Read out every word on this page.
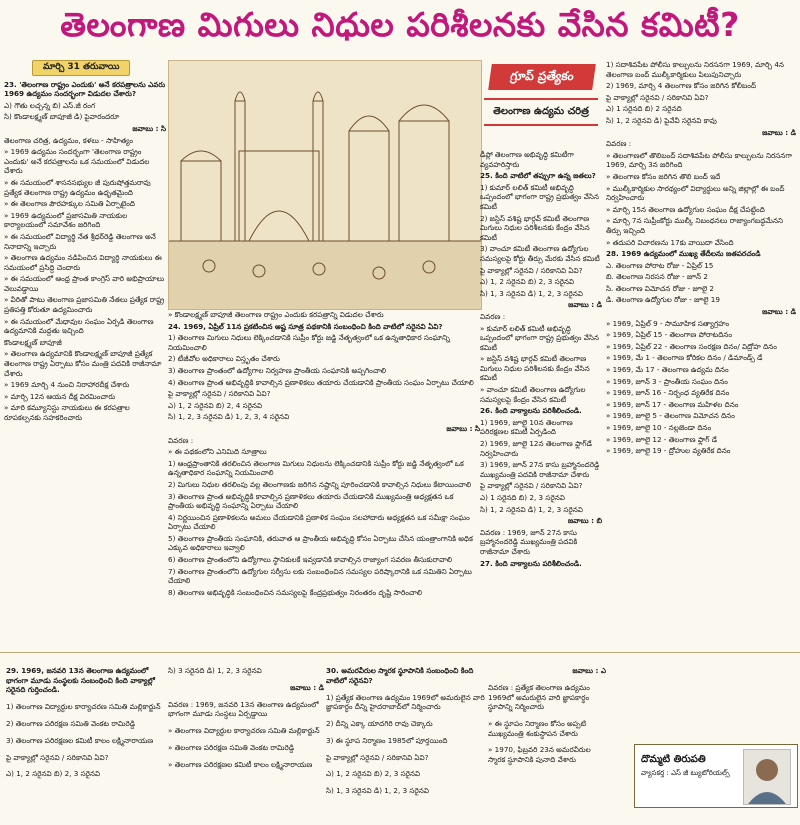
తెలంగాణ మిగులు నిధుల పరిశీలనకు వేసిన కమిటీ?
మార్చి 31 తరువాయి

23. 'తెలంగాణ రాష్ట్రం ఎందుకు' అనే కరపత్రాలను ఎవరు 1969 ఉద్యమం సందర్భంగా విడుదల చేశారు?

ఎ) గౌతు లచ్చన్న బి) ఎస్‌.జీ రంగ

సి) కొండాలక్ష్మణ్‌ బాపూజీ డి) పైవారందరూ

జవాబు : సి

తెలంగాణ చరిత్ర, ఉద్యమం, కళలు - సాహిత్యం

» 1969 ఉద్యమం సందర్భంగా 'తెలంగాణ రాష్ట్రం ఎందుకు' అనే కరపత్రాలను ఒక సమయంలో విడుదల చేశారు

» ఈ సమయంలో శాసనసభ్యుల జీ పురుషోత్తమరావు ప్రత్యేక తెలంగాణ రాష్ట్ర ఉద్యమం ఉధృతమైంది

» ఈ తెలంగాణ పౌరహక్కుల సమితి ఏర్పాటైంది

» 1969 ఉద్యమంలో ప్రజాసమితి నాయకుల కార్యాలయంలో సమావేశం జరిగింది

» ఈ సమయంలో విద్యార్థి నేత శ్రీధర్‌రెడ్డి తెలంగాణ అనే నినాదాన్ని ఇచ్చారు

» తెలంగాణ ఉద్యమం నడిపించిన విద్యార్థి నాయకులు ఈ సమయంలో ప్రసిద్ధి చెందారు

» ఈ సమయంలో ఆంధ్ర ప్రాంత కాంగ్రెస్‌ వారి అభిప్రాయాలు వెలువడ్డాయి

» వీరితో పాటు తెలంగాణ ప్రజాసమితి నేతలు ప్రత్యేక రాష్ట్ర ప్రతిపత్తి కోరుతూ ఉద్యమించారు

» ఈ సమయంలో మేధావుల సంఘం ఏర్పడి తెలంగాణ ఉద్యమానికి మద్దతు ఇచ్చింది

కొండాలక్ష్మణ్‌ బాపూజీ

» తెలంగాణ ఉద్యమానికి కొండాలక్ష్మణ్‌ బాపూజీ ప్రత్యేక తెలంగాణ రాష్ట్ర ఏర్పాటు కోసం మంత్రి పదవికి రాజీనామా చేశారు

» 1969 మార్చి 4 నుంచి నిరాహారదీక్ష చేశారు

» మార్చి 12న ఆయన దీక్ష విరమించారు

» మారి కమ్యూనిస్టు నాయకులు ఈ కరపత్రాల రూపకల్పనకు సహకరించారు

» కొండాలక్ష్మణ్‌ బాపూజీ తెలంగాణ రాష్ట్రం ఎందుకు కరపత్రాన్ని విడుదల చేశారు

24. 1969, ఏప్రిల్‌ 11న ప్రకటించిన అష్ట సూత్ర పథకానికి సంబంధించి కింది వాటిలో సరైనవి ఏవి?

1) తెలంగాణ మిగులు నిధులు లెక్కించడానికి సుప్రీం కోర్టు జడ్జి నేతృత్వంలో ఒక ఉన్నతాధికార సంఘాన్ని నియమించాలి

2) టీజీవోల అధికారాలు విస్తృతం చేశారు

3) తెలంగాణ ప్రాంతంలో ఉద్యోగాల నిర్వహణ ప్రాంతీయ సంఘానికి అప్పగించాలి

4) తెలంగాణ ప్రాంత అభివృద్ధికి కావాల్సిన ప్రణాళికలు తయారు చేయడానికి ప్రాంతీయ సంఘం ఏర్పాటు చేయాలి

పై వాక్యాల్లో సరైనవి / సరికానివి ఏవి?

ఎ) 1, 2 సరైనవి బి) 2, 4 సరైనవి

సి) 1, 2, 3 సరైనవి డి) 1, 2, 3, 4 సరైనవి

జవాబు : సి

వివరణ :

» ఈ పథకంలోని ఎనిమిది సూత్రాలు

1) ఆంధ్రప్రాంతానికి తరలించిన తెలంగాణ మిగులు నిధులను లెక్కించడానికి సుప్రీం కోర్టు జడ్జి నేతృత్వంలో ఒక ఉన్నతాధికార సంఘాన్ని నియమించాలి

2) మిగులు నిధుల తరలింపు వల్ల తెలంగాణకు జరిగిన నష్టాన్ని పూరించడానికి కావాల్సిన నిధులు కేటాయించాలి

3) తెలంగాణ ప్రాంత అభివృద్ధికి కావాల్సిన ప్రణాళికలు తయారు చేయడానికి ముఖ్యమంత్రి అధ్యక్షతన ఒక ప్రాంతీయ అభివృద్ధి సంఘాన్ని ఏర్పాటు చేయాలి

4) నిర్ణయించిన ప్రణాళికలను అమలు చేయడానికి ప్రణాళిక సంఘం సలహాదారు అధ్యక్షతన ఒక సమీక్షా సంఘం ఏర్పాటు చేయాలి

5) తెలంగాణ ప్రాంతీయ సంఘానికి, తరువాత ఆ ప్రాంతీయ అభివృద్ధి కోసం ఏర్పాటు చేసిన యంత్రాంగానికి అధిక ఎక్కువ అధికారాలు ఇవ్వాలి

6) తెలంగాణ ప్రాంతంలోని ఉద్యోగాలు స్థానికులకే ఇవ్వడానికి కావాల్సిన రాజ్యాంగ సవరణ తీసుకురావాలి

7) తెలంగాణ ప్రాంతంలోని ఉద్యోగుల సర్వీసు లకు సంబంధించిన సమస్యల పరిష్కారానికి ఒక సమితిని ఏర్పాటు చేయాలి

8) తెలంగాణ అభివృద్ధికి సంబంధించిన సమస్యలపై కేంద్రప్రభుత్వం నిరంతరం దృష్టి సారించాలి

గ్రూప్‌ ప్రత్యేకం
తెలంగాణ ఉద్యమ చరిత్ర

డీప్లో తెలంగాణ అభివృద్ధి కమిటీగా వ్యవహరిస్తారు

25. కింది వాటిలో తప్పుగా ఉన్న జతలు?

1) కుమార్‌ లలిత్‌ కమిటీ అభివృద్ధి ఒప్పందంలో భాగంగా రాష్ట్ర ప్రభుత్వం వేసిన కమిటీ

2) జస్టిస్‌ వశిష్ట భార్గవ్‌ కమిటీ తెలంగాణ మిగులు నిధుల పరిశీలనకు కేంద్రం వేసిన కమిటీ

3) వాంచూ కమిటీ తెలంగాణ ఉద్యోగుల సమస్యలపై కోర్టు తీర్పు మేరకు వేసిన కమిటీ

పై వాక్యాల్లో సరైనవి / సరికానివి ఏవి?

ఎ) 1, 2 సరైనవి బి) 2, 3 సరైనవి

సి) 1, 3 సరైనవి డి) 1, 2, 3 సరైనవి

జవాబు : డి

వివరణ :

» కుమార్‌ లలిత్‌ కమిటీ అభివృద్ధి ఒప్పందంలో భాగంగా రాష్ట్ర ప్రభుత్వం వేసిన కమిటీ

» జస్టిస్‌ వశిష్ట భార్గవ్‌ కమిటీ తెలంగాణ మిగులు నిధుల పరిశీలనకు కేంద్రం వేసిన కమిటీ

» వాంచూ కమిటీ తెలంగాణ ఉద్యోగుల సమస్యలపై కేంద్రం వేసిన కమిటీ

26. కింది వాక్యాలను పరిశీలించండి.

1) 1969, జూలై 10న తెలంగాణ పరిరక్షణల కమిటీ ఏర్పడింది

2) 1969, జూలై 12న తెలంగాణ ఫ్లాగ్‌డే నిర్వహించారు

3) 1969, జూన్‌ 27న కాసు బ్రహ్మానందరెడ్డి ముఖ్యమంత్రి పదవికి రాజీనామా చేశారు

పై వాక్యాల్లో సరైనవి / సరికానివి ఏవి?

ఎ) 1 సరైనది బి) 2, 3 సరైనవి

సి) 1, 2 సరైనవి డి) 1, 2, 3 సరైనవి

జవాబు : బి

వివరణ : 1969, జూన్‌ 27న కాసు బ్రహ్మానందరెడ్డి ముఖ్యమంత్రి పదవికి రాజీనామా చేశారు

27. కింది వాక్యాలను పరిశీలించండి.

1) సదాశివపేట పోలీసు కాల్పులను నిరసనగా 1969, మార్చి 4న తెలంగాణ బంద్‌ ముల్కీకార్మికులు పిలుపునిచ్చారు

2) 1969, మార్చి 4 తెలంగాణ కోసం జరిగిన కోలీబంద్‌

పై వాక్యాల్లో సరైనవి / సరికానివి ఏవి?

ఎ) 1 సరైనది బి) 2 సరైనది

సి) 1, 2 సరైనవి డి) పైవేవీ సరైనవి కావు

జవాబు : డి

వివరణ :

» తెలంగాణలో తొలిబంద్‌ సదాశివపేట పోలీసు కాల్పులను నిరసనగా 1969, మార్చి 3న జరిగింది

» తెలంగాణ కోసం జరిగిన తొలి బంద్‌ ఇదే

» ముల్కీకార్మికుల సారథ్యంలో విద్యార్థులు అన్ని జిల్లాల్లో ఈ బంద్‌ నిర్వహించారు

» మార్చి 15న తెలంగాణ ఉద్యోగుల సంఘం దీక్ష చేపట్టింది

» మార్చి 7న సుప్రీంకోర్టు ముల్కీ నిబంధనలు రాజ్యాంగబద్ధమేనని తీర్పు ఇచ్చింది

» తదుపరి విచారణను 17కు వాయిదా వేసింది

28. 1969 ఉద్యమంలో ముఖ్య తేదీలను జతపరచండి

ఎ. తెలంగాణ పోరాట రోజు - ఏప్రిల్‌ 15

బి. తెలంగాణ నిరసన రోజు - జూన్‌ 2

సి. తెలంగాణ విమోచన రోజు - జూలై 2

డి. తెలంగాణ ఉద్యోగుల రోజు - జూలై 19

జవాబు : డి

» 1969, ఏప్రిల్‌ 9 - సామూహిక సత్యాగ్రహం

» 1969, ఏప్రిల్‌ 15 - తెలంగాణ పోరాటదినం

» 1969, ఏప్రిల్‌ 22 - తెలంగాణ సంరక్షణ దినం/ విద్రోహ దినం

» 1969, మే 1 - తెలంగాణ కోరికల దినం / డిమాండ్స్‌ డే

» 1969, మే 17 - తెలంగాణ ఉద్యమ దినం

» 1969, జూన్‌ 3 - ప్రాంతీయ సంఘం దినం

» 1969, జూన్‌ 16 - నిర్బంధ వ్యతిరేక దినం

» 1969, జూన్‌ 17 - తెలంగాణ మహిళల దినం

» 1969, జూలై 5 - తెలంగాణ విమోచన దినం

» 1969, జూలై 10 - నల్లజెండా దినం

» 1969, జూలై 12 - తెలంగాణ ఫ్లాగ్‌ డే

» 1969, జూలై 19 - ద్రోహుల వ్యతిరేక దినం

29. 1969, జనవరి 13న తెలంగాణ ఉద్యమంలో భాగంగా మూడు సంస్థలకు సంబంధించి కింది వాక్యాల్లో సరైనది గుర్తించండి.

1) తెలంగాణ విద్యార్థుల కార్యాచరణ సమితి మల్లికార్జున్‌

2) తెలంగాణ పరిరక్షణ సమితి వెంకట రామిరెడ్డి

3) తెలంగాణ పరిరక్షణల కమిటీ కాలం లక్ష్మినారాయణ

పై వాక్యాల్లో సరైనవి / సరికానివి ఏవి?

ఎ) 1, 2 సరైనవి బి) 2, 3 సరైనవి

సి) 3 సరైనది డి) 1, 2, 3 సరైనవి

జవాబు : డి

వివరణ : 1969, జనవరి 13న తెలంగాణ ఉద్యమంలో భాగంగా మూడు సంస్థలు ఏర్పడ్డాయి

» తెలంగాణ విద్యార్థుల కార్యాచరణ సమితి మల్లికార్జున్‌

» తెలంగాణ పరిరక్షణ సమితి వెంకట రామిరెడ్డి

» తెలంగాణ పరిరక్షణల కమిటీ కాలం లక్ష్మినారాయణ

30. అమరవీరుల స్మారక స్థూపానికి సంబంధించి కింది వాటిలో సరైనవి?

1) ప్రత్యేక తెలంగాణ ఉద్యమం 1969లో అమరులైన వారి జ్ఞాపకార్థం దీన్ని హైదరాబాద్‌లో నిర్మించారు

2) దీన్ని ఎక్కా యాదగిరి రావు చెక్కారు

3) ఈ స్థూప నిర్మాణం 1985లో పూర్తయింది

పై వాక్యాల్లో సరైనవి / సరికానివి ఏవి?

ఎ) 1, 2 సరైనవి బి) 2, 3 సరైనవి

సి) 1, 3 సరైనవి డి) 1, 2, 3 సరైనవి

జవాబు : ఎ

వివరణ : ప్రత్యేక తెలంగాణ ఉద్యమం 1969లో అమరులైన వారి జ్ఞాపకార్థం స్థూపాన్ని నిర్మించారు

» ఈ స్థూపం నిర్మాణం కోసం అప్పటి ముఖ్యమంత్రి శంకుస్థాపన చేశారు

» 1970, ఫిబ్రవరి 23న అమరవీరుల స్మారక స్థూపానికి పునాది వేశారు	దొమ్మటి తిరుపతి
వ్యాసకర్త : ఎస్‌ జీ ట్యుటోరియల్స్‌
